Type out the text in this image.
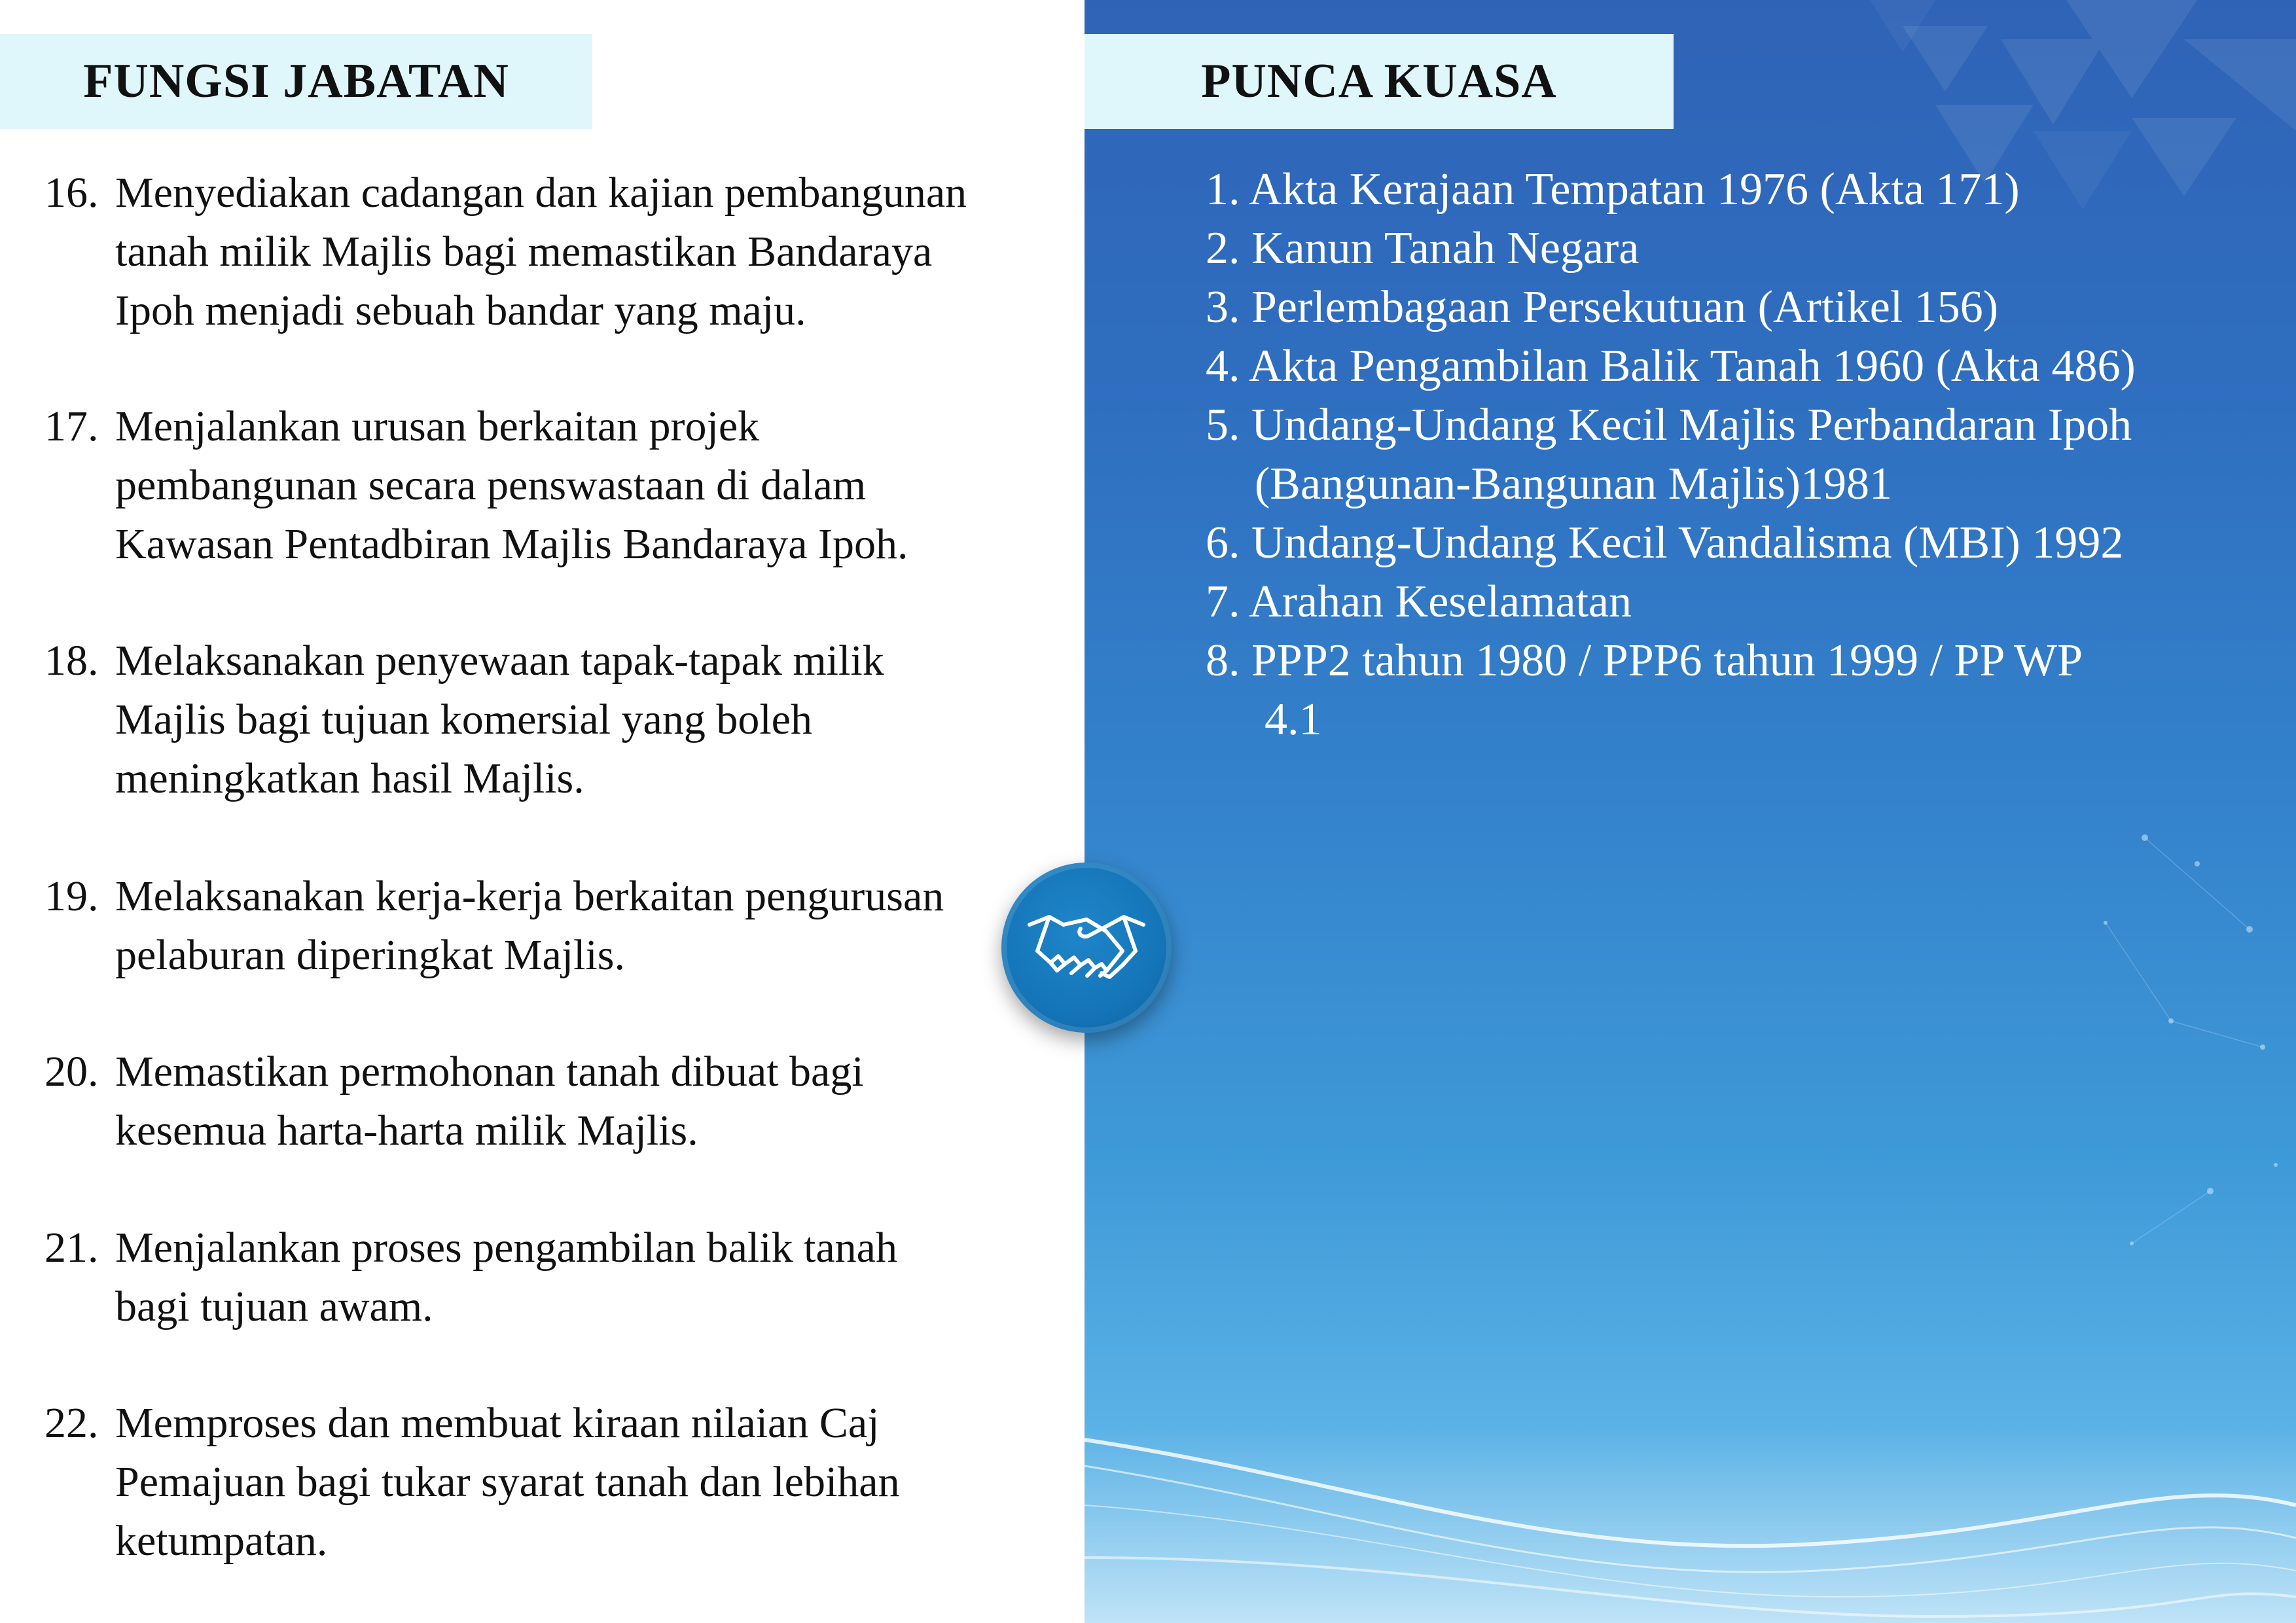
FUNGSI JABATAN
16. Menyediakan cadangan dan kajian pembangunan tanah milik Majlis bagi memastikan Bandaraya Ipoh menjadi sebuah bandar yang maju.
17. Menjalankan urusan berkaitan projek pembangunan secara penswastaan di dalam Kawasan Pentadbiran Majlis Bandaraya Ipoh.
18. Melaksanakan penyewaan tapak-tapak milik Majlis bagi tujuan komersial yang boleh meningkatkan hasil Majlis.
19. Melaksanakan kerja-kerja berkaitan pengurusan pelaburan diperingkat Majlis.
20. Memastikan permohonan tanah dibuat bagi kesemua harta-harta milik Majlis.
21. Menjalankan proses pengambilan balik tanah bagi tujuan awam.
22. Memproses dan membuat kiraan nilaian Caj Pemajuan bagi tukar syarat tanah dan lebihan ketumpatan.
PUNCA KUASA
1. Akta Kerajaan Tempatan 1976 (Akta 171)
2. Kanun Tanah Negara
3. Perlembagaan Persekutuan (Artikel 156)
4. Akta Pengambilan Balik Tanah 1960 (Akta 486)
5. Undang-Undang Kecil Majlis Perbandaran Ipoh
(Bangunan-Bangunan Majlis)1981
6. Undang-Undang Kecil Vandalisma (MBI) 1992
7. Arahan Keselamatan
8. PPP2 tahun 1980 / PPP6 tahun 1999 / PP WP
4.1
